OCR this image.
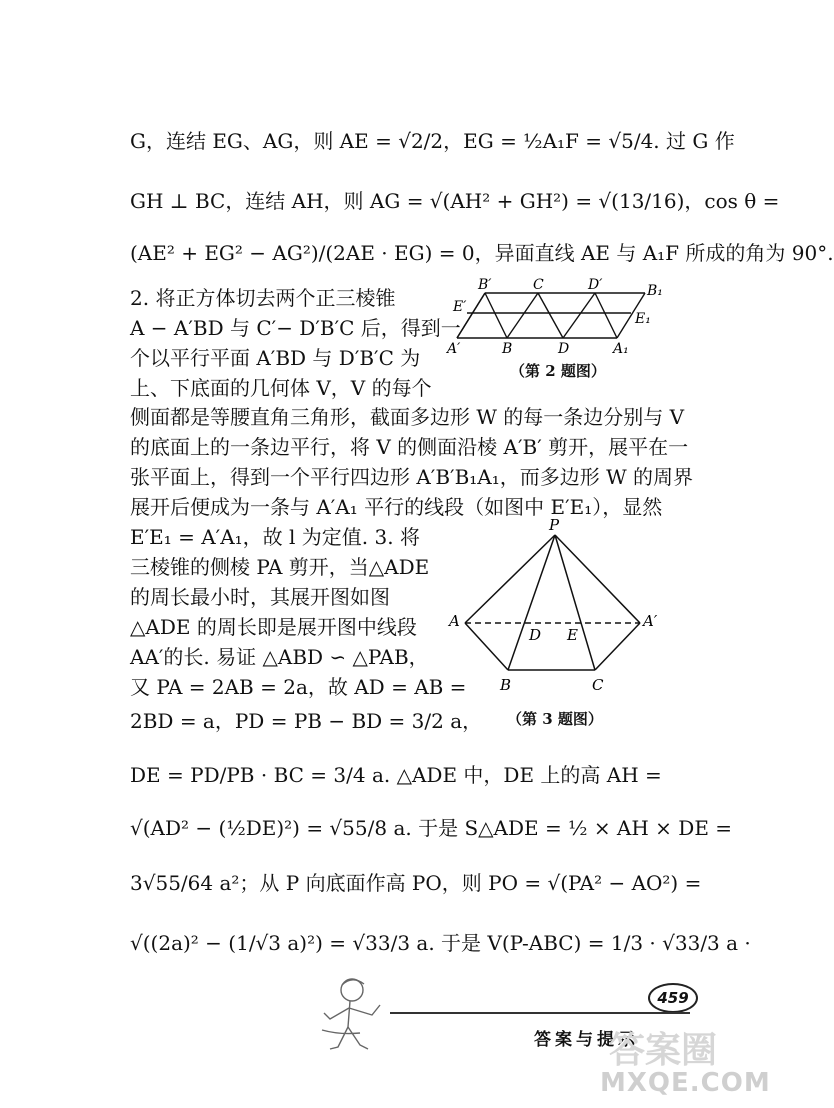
G，连结 EG、AG，则 AE = √2/2，EG = ½A₁F = √5/4. 过 G 作
GH ⊥ BC，连结 AH，则 AG = √(AH² + GH²) = √(13/16)，cos θ =
(AE² + EG² − AG²)/(2AE · EG) = 0，异面直线 AE 与 A₁F 所成的角为 90°.
2. 将正方体切去两个正三棱锥
A − A′BD 与 C′− D′B′C 后，得到一
个以平行平面 A′BD 与 D′B′C 为
上、下底面的几何体 V，V 的每个
侧面都是等腰直角三角形，截面多边形 W 的每一条边分别与 V
的底面上的一条边平行，将 V 的侧面沿棱 A′B′ 剪开，展平在一
张平面上，得到一个平行四边形 A′B′B₁A₁，而多边形 W 的周界
展开后便成为一条与 A′A₁ 平行的线段（如图中 E′E₁），显然
E′E₁ = A′A₁，故 l 为定值. 3. 将
三棱锥的侧棱 PA 剪开，当△ADE
的周长最小时，其展开图如图
△ADE 的周长即是展开图中线段
AA′的长. 易证 △ABD ∽ △PAB，
又 PA = 2AB = 2a，故 AD = AB =
2BD = a，PD = PB − BD = 3/2 a，
DE = PD/PB · BC = 3/4 a. △ADE 中，DE 上的高 AH =
√(AD² − (½DE)²) = √55/8 a. 于是 S△ADE = ½ × AH × DE =
3√55/64 a²；从 P 向底面作高 PO，则 PO = √(PA² − AO²) =
√((2a)² − (1/√3 a)²) = √33/3 a. 于是 V(P-ABC) = 1/3 · √33/3 a ·
B′	C	D′	B₁
E′
A′	B	D	A₁
E₁
（第 2 题图）
P
A	A′
D E
B	C
（第 3 题图）
459
答案与提示
答案圈
MXQE.COM
